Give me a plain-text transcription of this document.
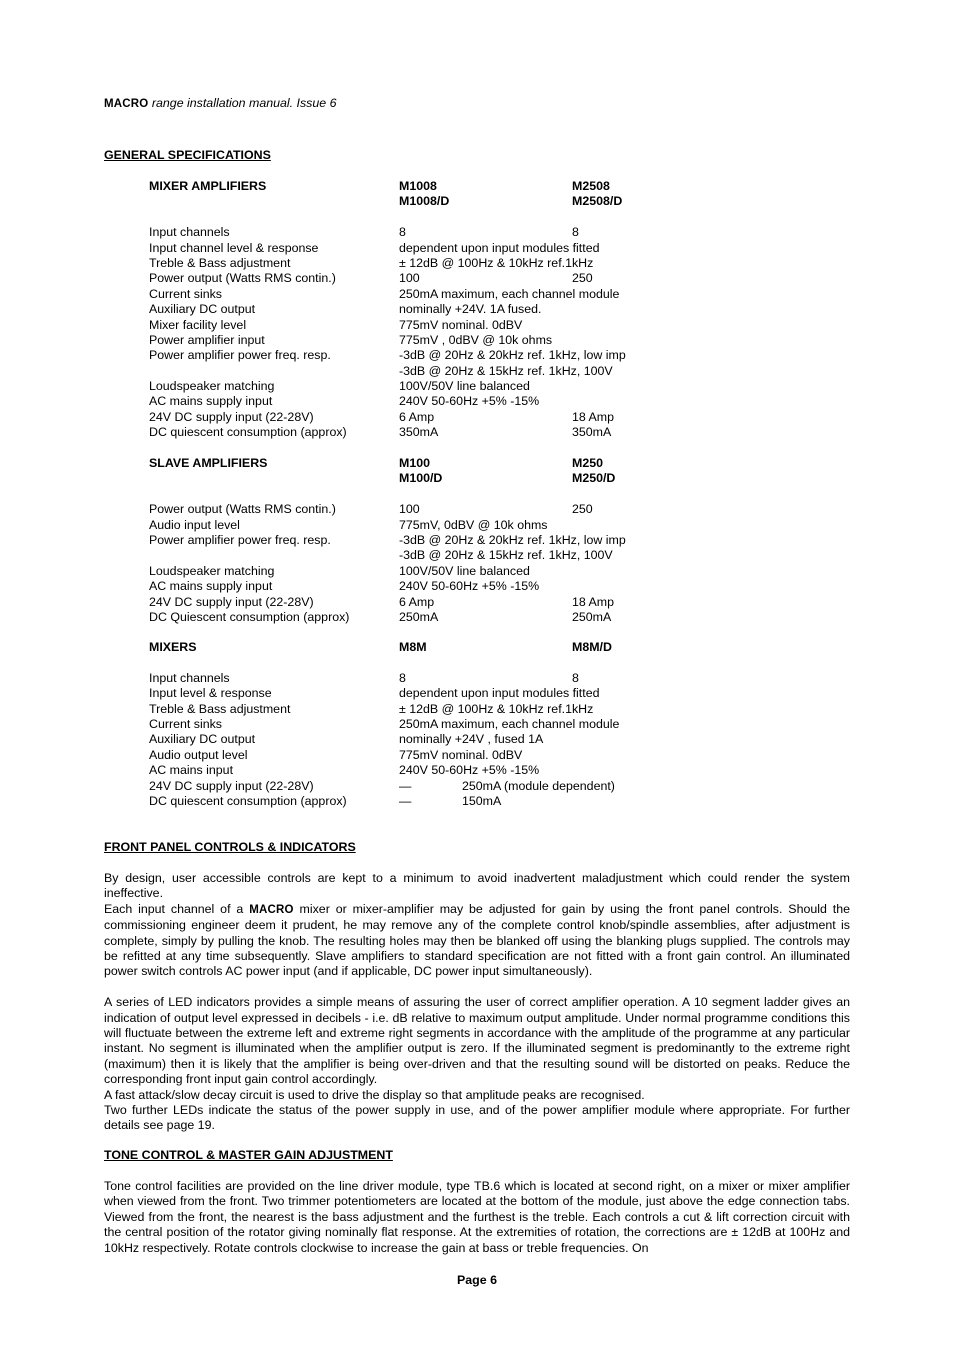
MACRO range installation manual. Issue 6
GENERAL SPECIFICATIONS
MIXER AMPLIFIERS	M1008	M2508
M1008/D	M2508/D
Input channels	8	8
Input channel level & response	dependent upon input modules fitted
Treble & Bass adjustment	± 12dB @ 100Hz & 10kHz ref.1kHz
Power output (Watts RMS contin.)	100	250
Current sinks	250mA maximum, each channel module
Auxiliary DC output	nominally +24V. 1A fused.
Mixer facility level	775mV nominal. 0dBV
Power amplifier input	775mV , 0dBV @ 10k ohms
Power amplifier power freq. resp.	-3dB @ 20Hz & 20kHz ref. 1kHz, low imp
-3dB @ 20Hz & 15kHz ref. 1kHz, 100V
Loudspeaker matching	100V/50V line balanced
AC mains supply input	240V 50-60Hz +5% -15%
24V DC supply input (22-28V)	6 Amp	18 Amp
DC quiescent consumption (approx)	350mA	350mA
SLAVE AMPLIFIERS	M100	M250
M100/D	M250/D
Power output (Watts RMS contin.)	100	250
Audio input level	775mV, 0dBV @ 10k ohms
Power amplifier power freq. resp.	-3dB @ 20Hz & 20kHz ref. 1kHz, low imp
-3dB @ 20Hz & 15kHz ref. 1kHz, 100V
Loudspeaker matching	100V/50V line balanced
AC mains supply input	240V 50-60Hz +5% -15%
24V DC supply input (22-28V)	6 Amp	18 Amp
DC Quiescent consumption (approx)	250mA	250mA
MIXERS	M8M	M8M/D
Input channels	8	8
Input level & response	dependent upon input modules fitted
Treble & Bass adjustment	± 12dB @ 100Hz & 10kHz ref.1kHz
Current sinks	250mA maximum, each channel module
Auxiliary DC output	nominally +24V , fused 1A
Audio output level	775mV nominal. 0dBV
AC mains input	240V 50-60Hz +5% -15%
24V DC supply input (22-28V)	—	250mA (module dependent)
DC quiescent consumption (approx)	—	150mA
FRONT PANEL CONTROLS & INDICATORS

By design, user accessible controls are kept to a minimum to avoid inadvertent maladjustment which could render the system ineffective.

Each input channel of a MACRO mixer or mixer-amplifier may be adjusted for gain by using the front panel controls. Should the commissioning engineer deem it prudent, he may remove any of the complete control knob/spindle assemblies, after adjustment is complete, simply by pulling the knob. The resulting holes may then be blanked off using the blanking plugs supplied. The controls may be refitted at any time subsequently. Slave amplifiers to standard specification are not fitted with a front gain control. An illuminated power switch controls AC power input (and if applicable, DC power input simultaneously).

A series of LED indicators provides a simple means of assuring the user of correct amplifier operation. A 10 segment ladder gives an indication of output level expressed in decibels - i.e. dB relative to maximum output amplitude. Under normal programme conditions this will fluctuate between the extreme left and extreme right segments in accordance with the amplitude of the programme at any particular instant. No segment is illuminated when the amplifier output is zero. If the illuminated segment is predominantly to the extreme right (maximum) then it is likely that the amplifier is being over-driven and that the resulting sound will be distorted on peaks. Reduce the corresponding front input gain control accordingly.

A fast attack/slow decay circuit is used to drive the display so that amplitude peaks are recognised.

Two further LEDs indicate the status of the power supply in use, and of the power amplifier module where appropriate. For further details see page 19.

TONE CONTROL & MASTER GAIN ADJUSTMENT

Tone control facilities are provided on the line driver module, type TB.6 which is located at second right, on a mixer or mixer amplifier when viewed from the front. Two trimmer potentiometers are located at the bottom of the module, just above the edge connection tabs. Viewed from the front, the nearest is the bass adjustment and the furthest is the treble. Each controls a cut & lift correction circuit with the central position of the rotator giving nominally flat response. At the extremities of rotation, the corrections are ± 12dB at 100Hz and 10kHz respectively. Rotate controls clockwise to increase the gain at bass or treble frequencies. On

Page 6
